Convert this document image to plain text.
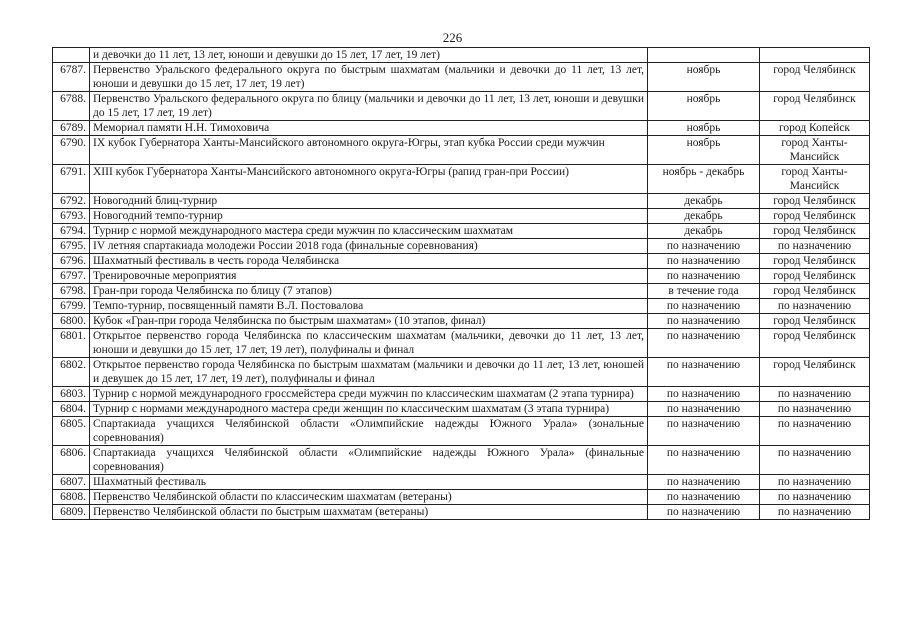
226
	и девочки до 11 лет, 13 лет, юноши и девушки до 15 лет, 17 лет, 19 лет)		
6787.	Первенство Уральского федерального округа по быстрым шахматам (мальчики и девочки до 11 лет, 13 лет, юноши и девушки до 15 лет, 17 лет, 19 лет)	ноябрь	город Челябинск
6788.	Первенство Уральского федерального округа по блицу (мальчики и девочки до 11 лет, 13 лет, юноши и девушки до 15 лет, 17 лет, 19 лет)	ноябрь	город Челябинск
6789.	Мемориал памяти Н.Н. Тимоховича	ноябрь	город Копейск
6790.	IX кубок Губернатора Ханты-Мансийского автономного округа-Югры, этап кубка России среди мужчин	ноябрь	город Ханты-Мансийск
6791.	XIII кубок Губернатора Ханты-Мансийского автономного округа-Югры (рапид гран-при России)	ноябрь - декабрь	город Ханты-Мансийск
6792.	Новогодний блиц-турнир	декабрь	город Челябинск
6793.	Новогодний темпо-турнир	декабрь	город Челябинск
6794.	Турнир с нормой международного мастера среди мужчин по классическим шахматам	декабрь	город Челябинск
6795.	IV летняя спартакиада молодежи России 2018 года (финальные соревнования)	по назначению	по назначению
6796.	Шахматный фестиваль в честь города Челябинска	по назначению	город Челябинск
6797.	Тренировочные мероприятия	по назначению	город Челябинск
6798.	Гран-при города Челябинска по блицу (7 этапов)	в течение года	город Челябинск
6799.	Темпо-турнир, посвященный памяти В.Л. Постовалова	по назначению	по назначению
6800.	Кубок «Гран-при города Челябинска по быстрым шахматам» (10 этапов, финал)	по назначению	город Челябинск
6801.	Открытое первенство города Челябинска по классическим шахматам (мальчики, девочки до 11 лет, 13 лет, юноши и девушки до 15 лет, 17 лет, 19 лет), полуфиналы и финал	по назначению	город Челябинск
6802.	Открытое первенство города Челябинска по быстрым шахматам (мальчики и девочки до 11 лет, 13 лет, юношей и девушек до 15 лет, 17 лет, 19 лет), полуфиналы и финал	по назначению	город Челябинск
6803.	Турнир с нормой международного гроссмейстера среди мужчин по классическим шахматам (2 этапа турнира)	по назначению	по назначению
6804.	Турнир с нормами международного мастера среди женщин по классическим шахматам (3 этапа турнира)	по назначению	по назначению
6805.	Спартакиада учащихся Челябинской области «Олимпийские надежды Южного Урала» (зональные соревнования)	по назначению	по назначению
6806.	Спартакиада учащихся Челябинской области «Олимпийские надежды Южного Урала» (финальные соревнования)	по назначению	по назначению
6807.	Шахматный фестиваль	по назначению	по назначению
6808.	Первенство Челябинской области по классическим шахматам (ветераны)	по назначению	по назначению
6809.	Первенство Челябинской области по быстрым шахматам (ветераны)	по назначению	по назначению
